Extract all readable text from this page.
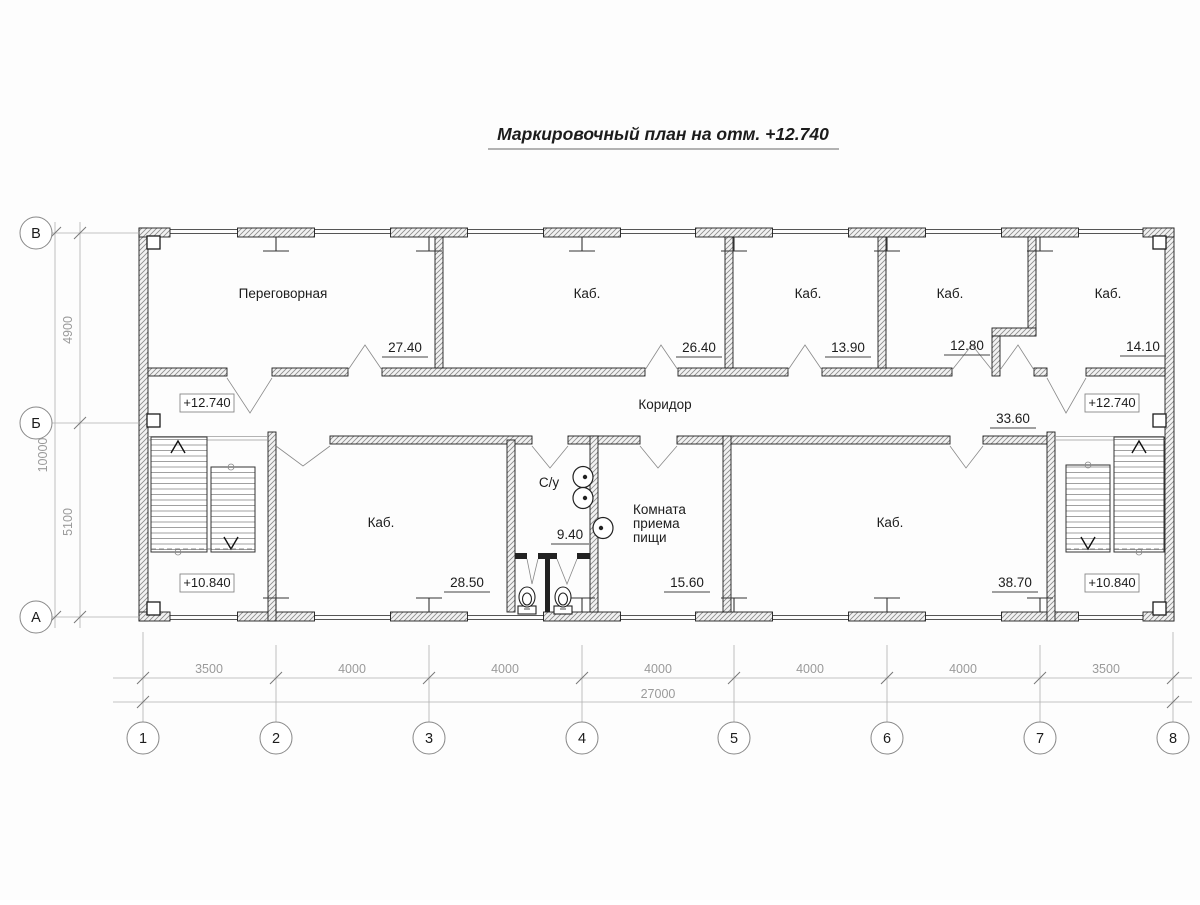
Маркировочный план на отм. +12.740
Переговорная	Каб.	Каб.	Каб.	Каб.
Коридор
Каб.
С/у
Каб.
Комната
приема
пищи
27.40	26.40	13.90	12.80	14.10
33.60
9.40
15.60
28.50	38.70
+12.740	+12.740
+10.840	+10.840
В
Б
А
4900
5100
10000
3500	4000	4000	4000	4000	4000	3500
27000
1	2	3	4	5	6	7	8
